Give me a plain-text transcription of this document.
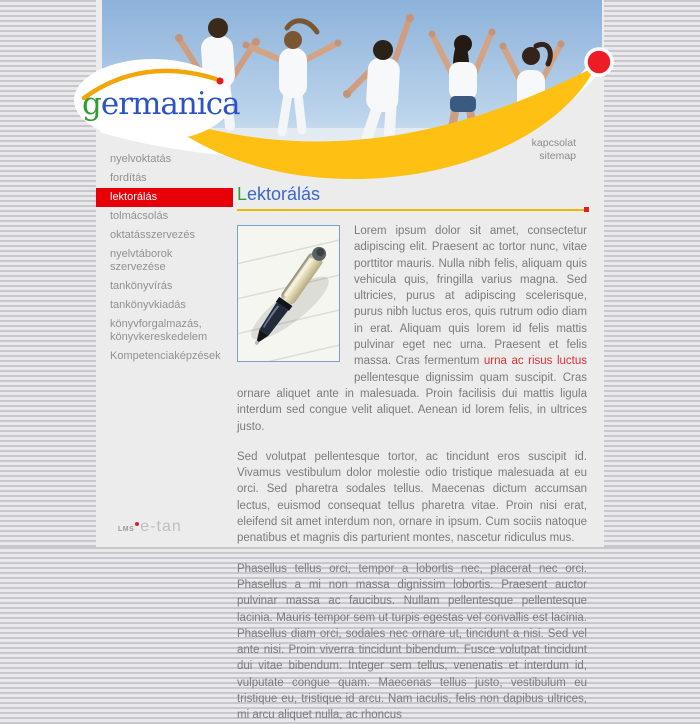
germanica
kapcsolat
sitemap
nyelvoktatás
fordítás
lektorálás
tolmácsolás
oktatásszervezés
nyelvtáborok szervezése
tankönyvírás
tankönyvkiadás
könyvforgalmazás, könyvkereskedelem
Kompetenciaképzések
Lektorálás

Lorem ipsum dolor sit amet, consectetur adipiscing elit. Praesent ac tortor nunc, vitae porttitor mauris. Nulla nibh felis, aliquam quis vehicula quis, fringilla varius magna. Sed ultricies, purus at adipiscing scelerisque, purus nibh luctus eros, quis rutrum odio diam in erat. Aliquam quis lorem id felis mattis pulvinar eget nec urna. Praesent et felis massa. Cras fermentum urna ac risus luctus pellentesque dignissim quam suscipit. Cras ornare aliquet ante in malesuada. Proin facilisis dui mattis ligula interdum sed congue velit aliquet. Aenean id lorem felis, in ultrices justo.

Sed volutpat pellentesque tortor, ac tincidunt eros suscipit id. Vivamus vestibulum dolor molestie odio tristique malesuada at eu orci. Sed pharetra sodales tellus. Maecenas dictum accumsan lectus, euismod consequat tellus pharetra vitae. Proin nisi erat, eleifend sit amet interdum non, ornare in ipsum. Cum sociis natoque penatibus et magnis dis parturient montes, nascetur ridiculus mus.

Phasellus tellus orci, tempor a lobortis nec, placerat nec orci. Phasellus a mi non massa dignissim lobortis. Praesent auctor pulvinar massa ac faucibus. Nullam pellentesque pellentesque lacinia. Mauris tempor sem ut turpis egestas vel convallis est lacinia. Phasellus diam orci, sodales nec ornare ut, tincidunt a nisi. Sed vel ante nisi. Proin viverra tincidunt bibendum. Fusce volutpat tincidunt dui vitae bibendum. Integer sem tellus, venenatis et interdum id, vulputate congue quam. Maecenas tellus justo, vestibulum eu tristique eu, tristique id arcu. Nam iaculis, felis non dapibus ultrices, mi arcu aliquet nulla, ac rhoncus

LMS e-tan
